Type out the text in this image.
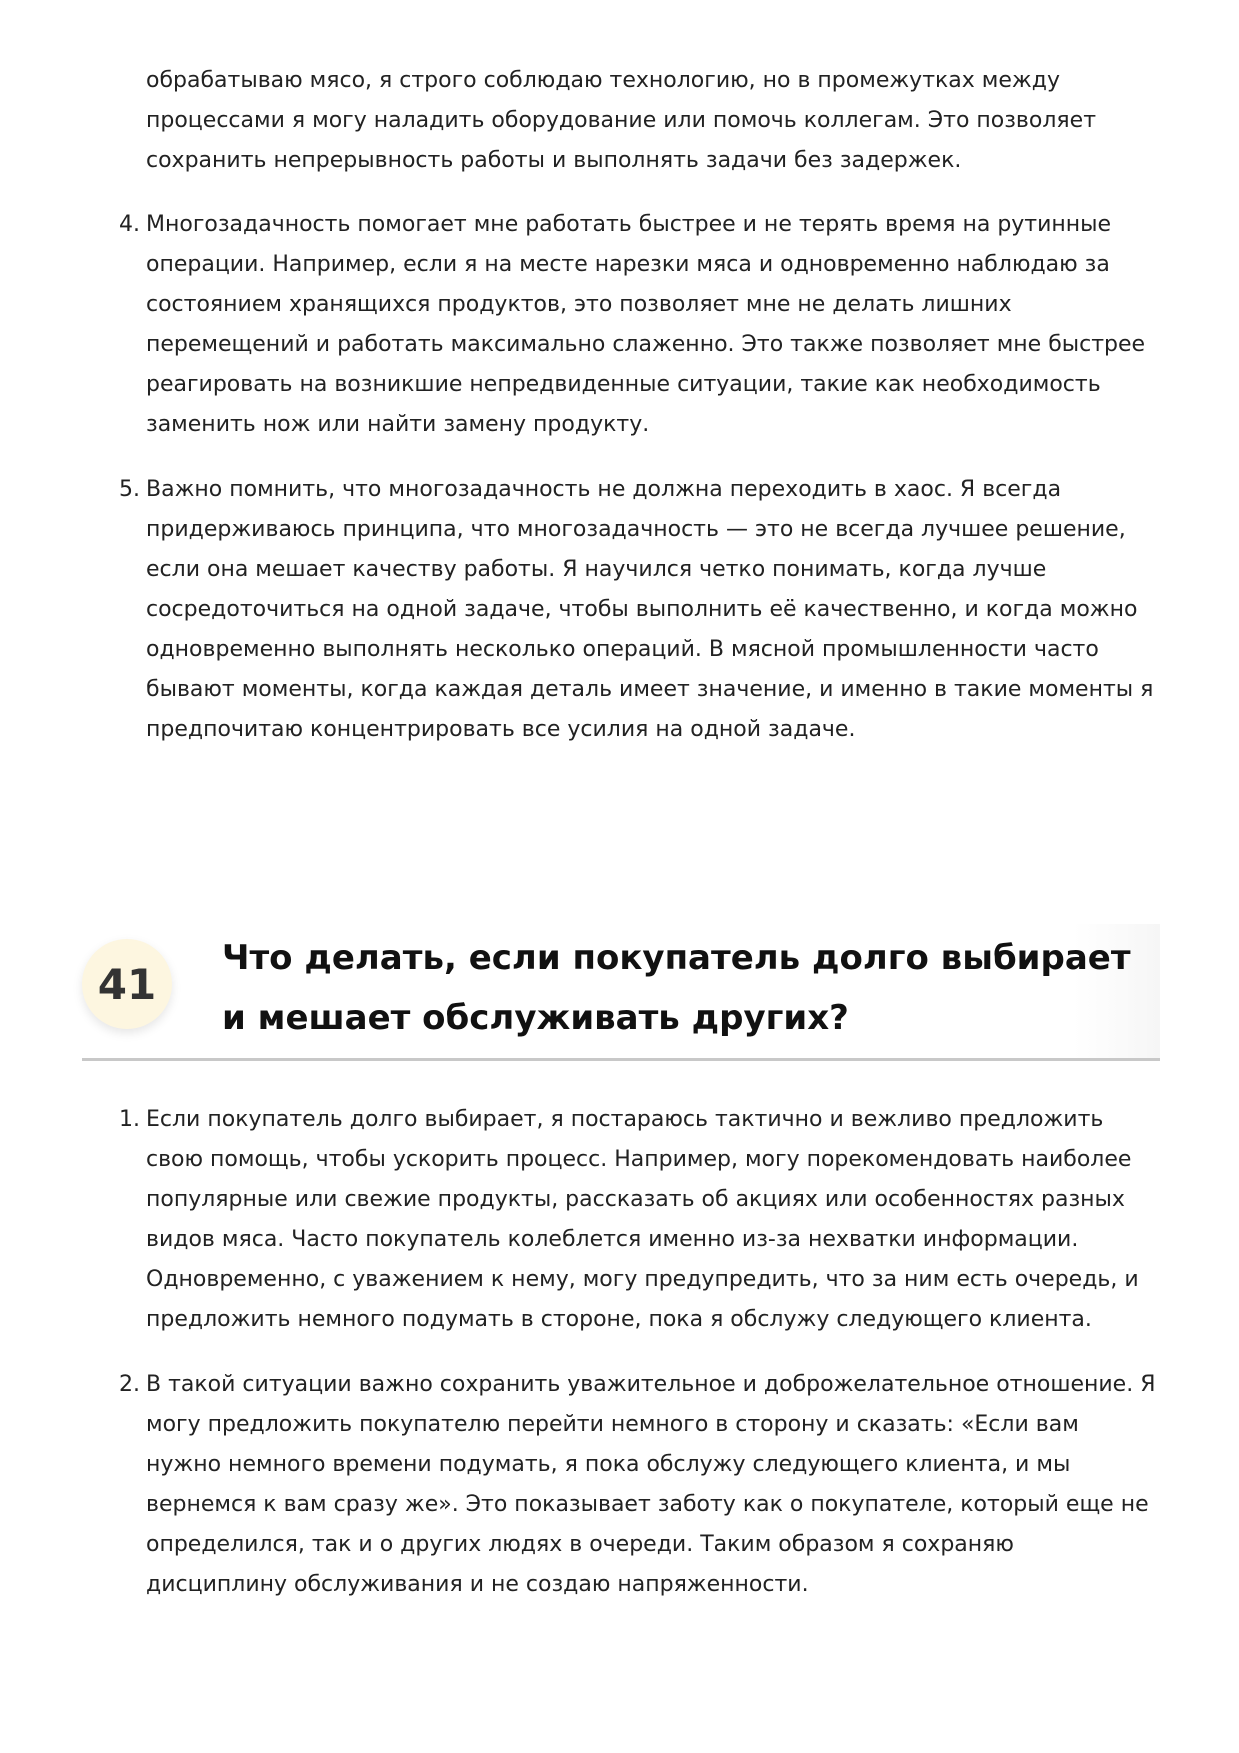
обрабатываю мясо, я строго соблюдаю технологию, но в промежутках между процессами я могу наладить оборудование или помочь коллегам. Это позволяет сохранить непрерывность работы и выполнять задачи без задержек.
4. Многозадачность помогает мне работать быстрее и не терять время на рутинные операции. Например, если я на месте нарезки мяса и одновременно наблюдаю за состоянием хранящихся продуктов, это позволяет мне не делать лишних перемещений и работать максимально слаженно. Это также позволяет мне быстрее реагировать на возникшие непредвиденные ситуации, такие как необходимость заменить нож или найти замену продукту.
5. Важно помнить, что многозадачность не должна переходить в хаос. Я всегда придерживаюсь принципа, что многозадачность — это не всегда лучшее решение, если она мешает качеству работы. Я научился четко понимать, когда лучше сосредоточиться на одной задаче, чтобы выполнить её качественно, и когда можно одновременно выполнять несколько операций. В мясной промышленности часто бывают моменты, когда каждая деталь имеет значение, и именно в такие моменты я предпочитаю концентрировать все усилия на одной задаче.
41
Что делать, если покупатель долго выбирает и мешает обслуживать других?
1. Если покупатель долго выбирает, я постараюсь тактично и вежливо предложить свою помощь, чтобы ускорить процесс. Например, могу порекомендовать наиболее популярные или свежие продукты, рассказать об акциях или особенностях разных видов мяса. Часто покупатель колеблется именно из-за нехватки информации. Одновременно, с уважением к нему, могу предупредить, что за ним есть очередь, и предложить немного подумать в стороне, пока я обслужу следующего клиента.
2. В такой ситуации важно сохранить уважительное и доброжелательное отношение. Я могу предложить покупателю перейти немного в сторону и сказать: «Если вам нужно немного времени подумать, я пока обслужу следующего клиента, и мы вернемся к вам сразу же». Это показывает заботу как о покупателе, который еще не определился, так и о других людях в очереди. Таким образом я сохраняю дисциплину обслуживания и не создаю напряженности.
